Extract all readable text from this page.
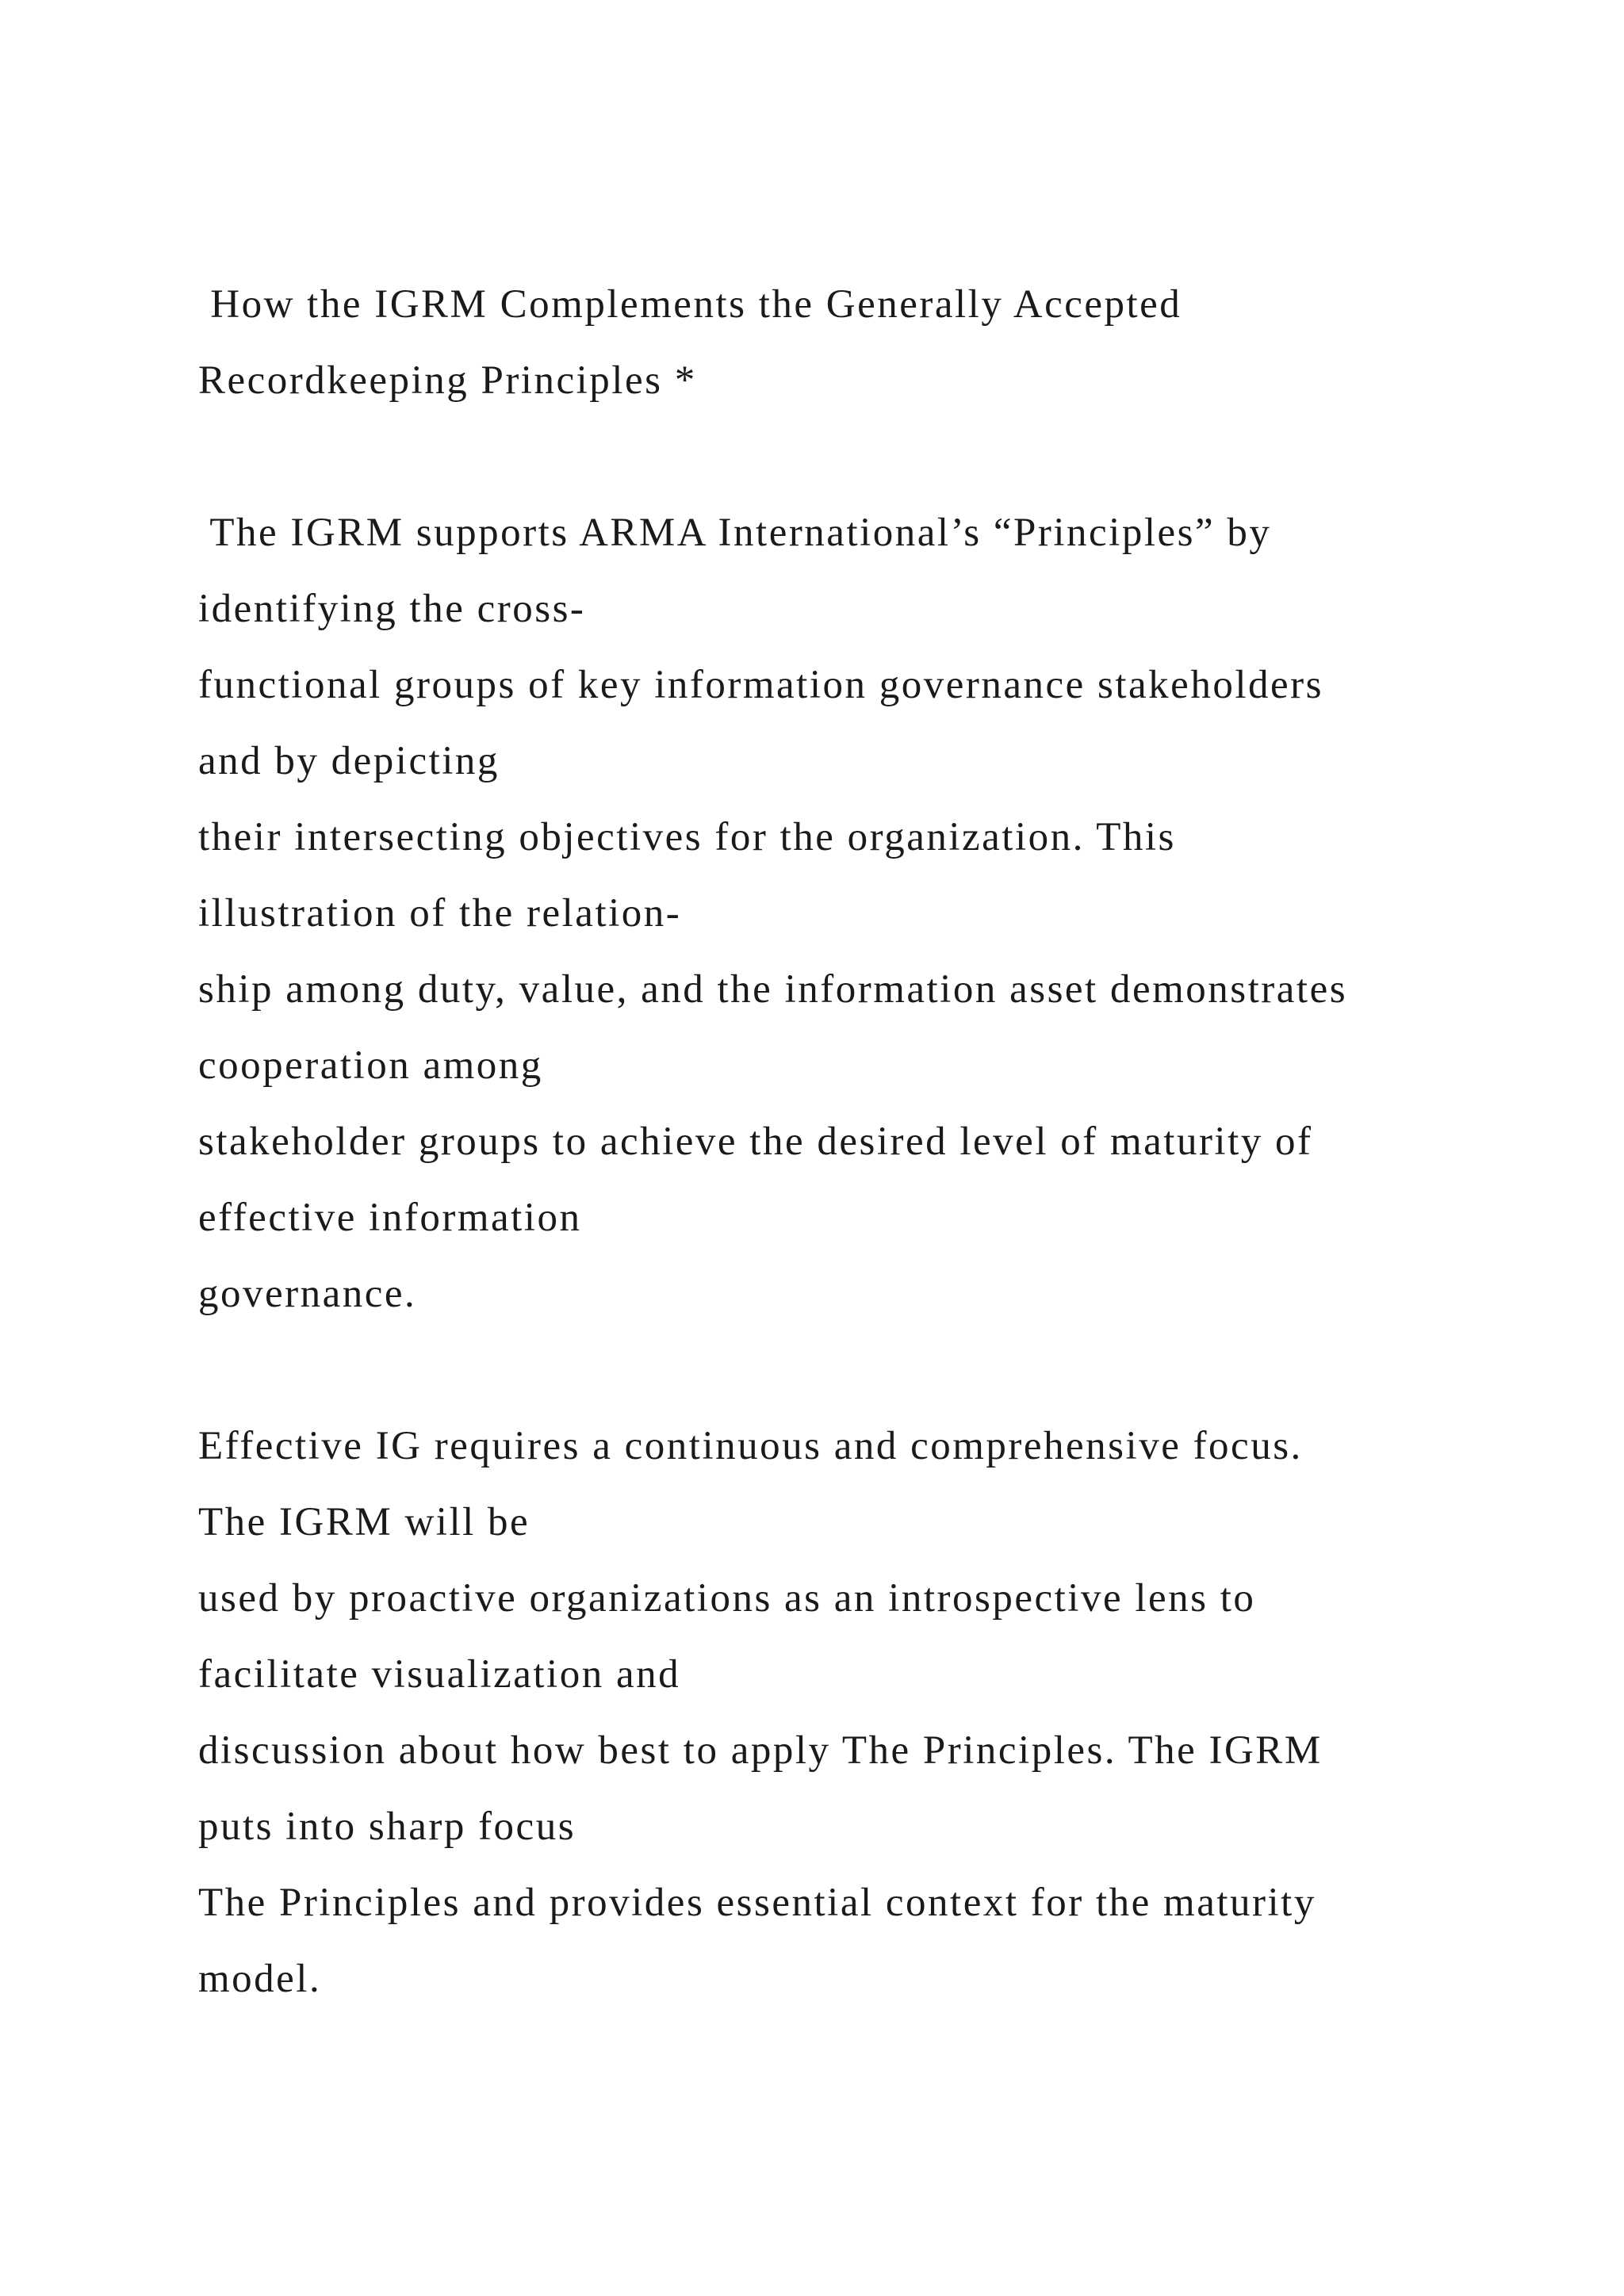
How the IGRM Complements the Generally Accepted
Recordkeeping Principles *
The IGRM supports ARMA International’s “Principles” by
identifying the cross-
functional groups of key information governance stakeholders
and by depicting
their intersecting objectives for the organization. This
illustration of the relation-
ship among duty, value, and the information asset demonstrates
cooperation among
stakeholder groups to achieve the desired level of maturity of
effective information
governance.
Effective IG requires a continuous and comprehensive focus.
The IGRM will be
used by proactive organizations as an introspective lens to
facilitate visualization and
discussion about how best to apply The Principles. The IGRM
puts into sharp focus
The Principles and provides essential context for the maturity
model.
